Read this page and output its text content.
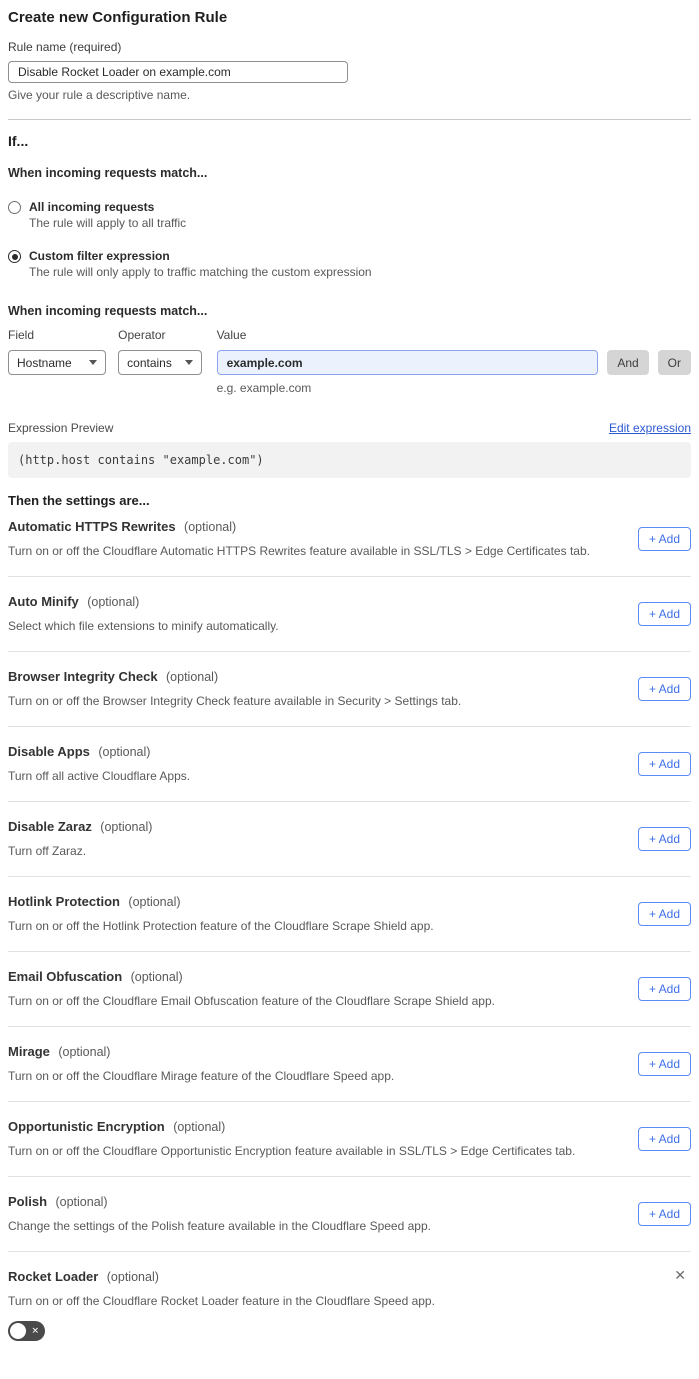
Create new Configuration Rule
Rule name (required)
Disable Rocket Loader on example.com
Give your rule a descriptive name.
If...
When incoming requests match...
All incoming requests
The rule will apply to all traffic
Custom filter expression
The rule will only apply to traffic matching the custom expression
When incoming requests match...
Field
Hostname
Operator
contains
Value
example.com
e.g. example.com
And	Or
Expression Preview	Edit expression
(http.host contains "example.com")
Then the settings are...
Automatic HTTPS Rewrites (optional)
Turn on or off the Cloudflare Automatic HTTPS Rewrites feature available in SSL/TLS > Edge Certificates tab.
+ Add
Auto Minify (optional)
Select which file extensions to minify automatically.
+ Add
Browser Integrity Check (optional)
Turn on or off the Browser Integrity Check feature available in Security > Settings tab.
+ Add
Disable Apps (optional)
Turn off all active Cloudflare Apps.
+ Add
Disable Zaraz (optional)
Turn off Zaraz.
+ Add
Hotlink Protection (optional)
Turn on or off the Hotlink Protection feature of the Cloudflare Scrape Shield app.
+ Add
Email Obfuscation (optional)
Turn on or off the Cloudflare Email Obfuscation feature of the Cloudflare Scrape Shield app.
+ Add
Mirage (optional)
Turn on or off the Cloudflare Mirage feature of the Cloudflare Speed app.
+ Add
Opportunistic Encryption (optional)
Turn on or off the Cloudflare Opportunistic Encryption feature available in SSL/TLS > Edge Certificates tab.
+ Add
Polish (optional)
Change the settings of the Polish feature available in the Cloudflare Speed app.
+ Add
Rocket Loader (optional)
Turn on or off the Cloudflare Rocket Loader feature in the Cloudflare Speed app.
✕
✕
